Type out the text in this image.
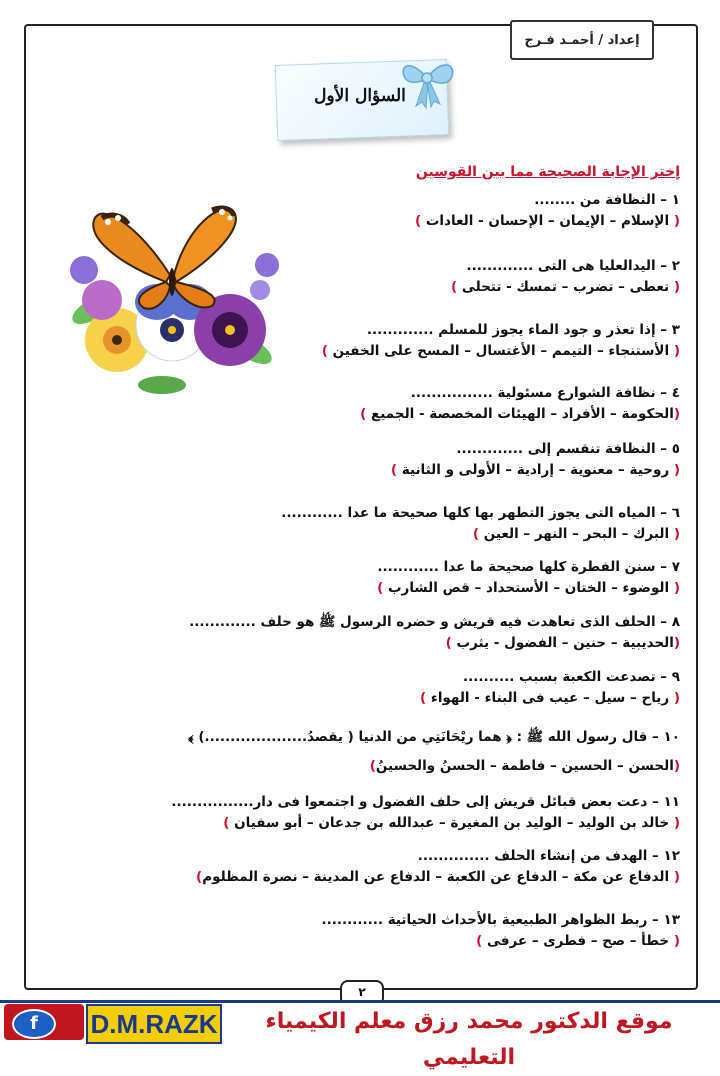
إعداد / أحمـد فـرج
السؤال الأول
إختر الإجابة الصحيحة مما بين القوسين
١ – النظافة من ........
( السلم – اليمان – الحسان - العادات )
٢ – اليدالعليا هى التى .............
( تعطى – تضرب – تمسك - تتحلى )
٣ – إذا تعذر و جود الماء يجوز للمسلم .............
( الستنجاء – التيمم – الغتسال – المسح على الخفين )
٤ – نظافة الشوارع مسئولية ................
(الحكومة – الفراد – الهيئات المخصصة - الجميع )
٥ – النظافة تنقسم إلى .............
( روحية – معنوية – إرادية – الولى و الثانية )
٦ – المياه التى يجوز التطهر بها كلها صحيحة ما عدا ............
( البرك – البحر – النهر – العين )
٧ – سنن الفطرة كلها صحيحة ما عدا ............
( الوضوء – الختان – الستحداد – قص الشارب )
٨ – الحلف الذى تعاهدت فيه قريش و حضره الرسول ﷺ هو حلف .............
(الحديبية – حنين – الفضول - يثرب )
٩ – تصدعت الكعبة بسبب ..........
( رياح – سيل – عيب فى البناء - الهواء )
١٠ – قال رسول الله ﷺ : ﴿ هما ريْحَانَتِي من الدنيا ( يقصدُ....................) ﴾
(الحسن – الحسين – فاطمة – الحسن والحسين)
١١ – دعت بعض قبائل قريش إلى حلف الفضول و اجتمعوا فى دار................
( خالد بن الوليد – الوليد بن المغيرة – عبدالله بن جدعان – أبو سفيان )
١٢ – الهدف من إنشاء الحلف ..............
( الدفاع عن مكة – الدفاع عن الكعبة – الدفاع عن المدينة – نصرة المظلوم)
١٣ – ربط الظواهر الطبيعية بالأحداث الحياتية ............
( خطأ – صح – فطرى – عرفى )
٢
f	D.M.RAZK	موقع الدكتور محمد رزق معلم الكيمياء التعليمي
